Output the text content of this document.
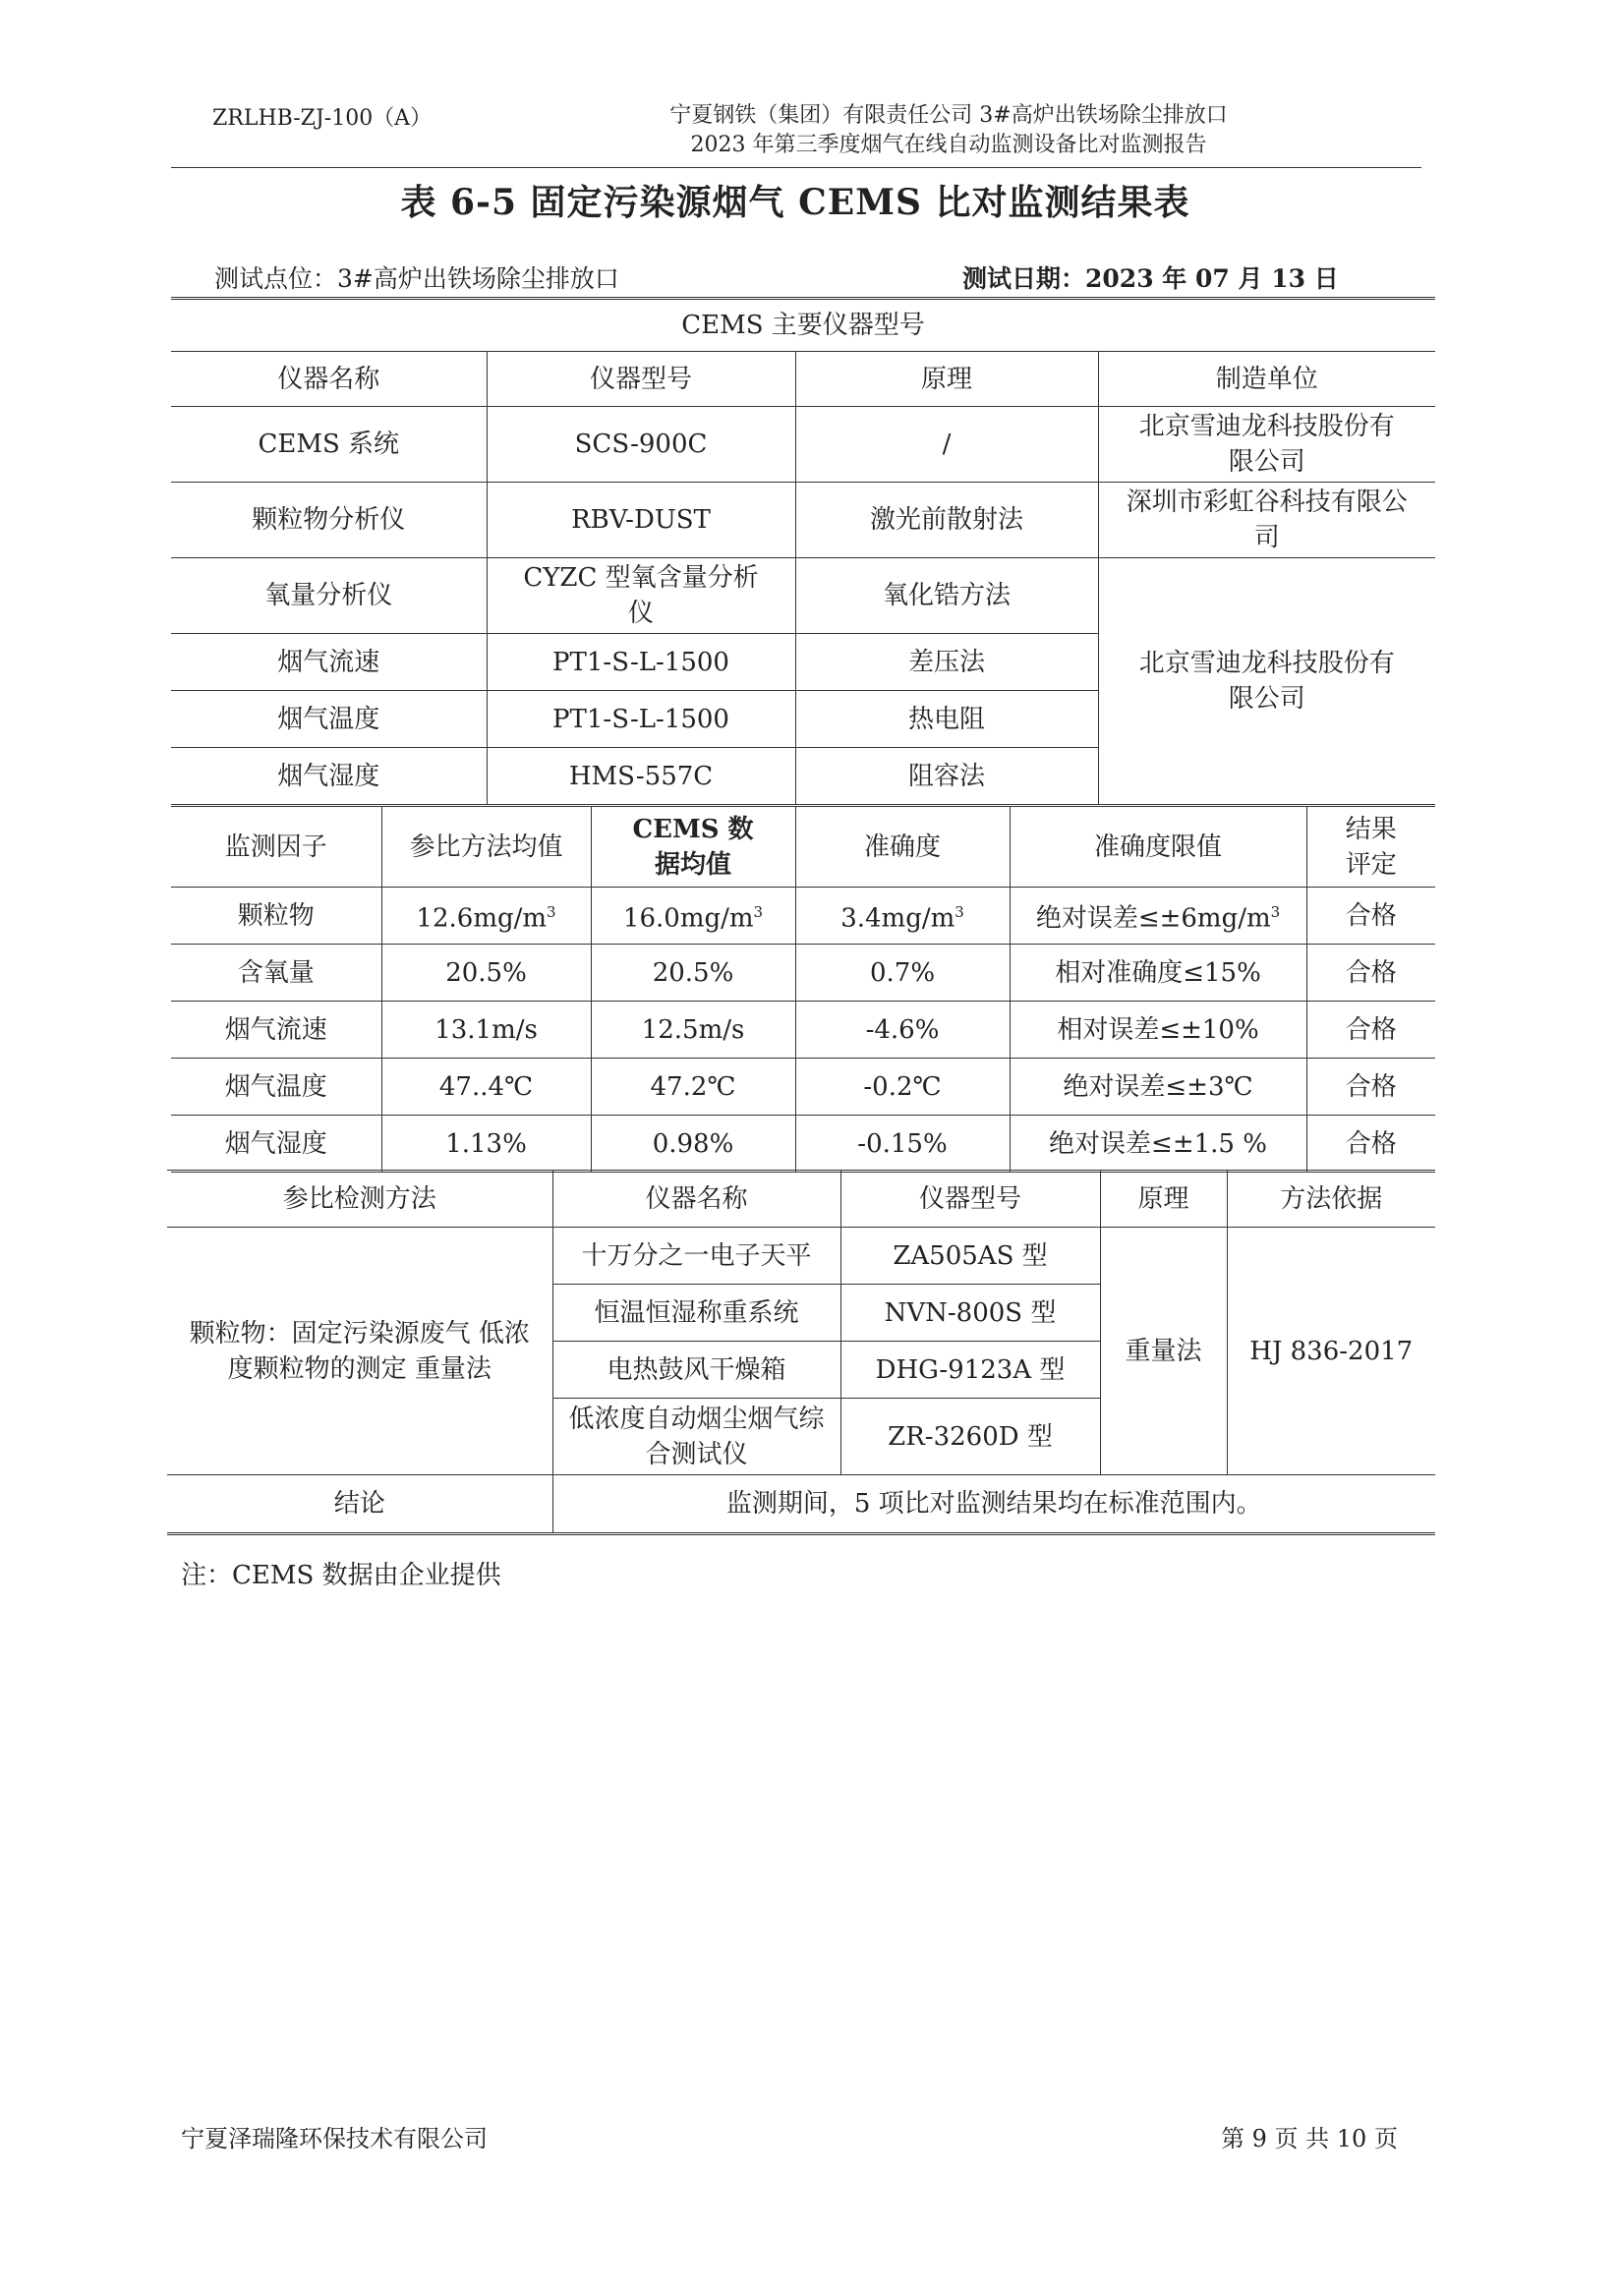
ZRLHB-ZJ-100（A）	宁夏钢铁（集团）有限责任公司 3#高炉出铁场除尘排放口
2023 年第三季度烟气在线自动监测设备比对监测报告
表 6-5 固定污染源烟气 CEMS 比对监测结果表
测试点位：3#高炉出铁场除尘排放口	测试日期：2023 年 07 月 13 日
CEMS 主要仪器型号			
仪器名称	仪器型号	原理	制造单位
CEMS 系统	SCS-900C	/	北京雪迪龙科技股份有限公司
颗粒物分析仪	RBV-DUST	激光前散射法	深圳市彩虹谷科技有限公司
氧量分析仪	CYZC 型氧含量分析仪	氧化锆方法	北京雪迪龙科技股份有限公司
烟气流速	PT1-S-L-1500	差压法	
烟气温度	PT1-S-L-1500	热电阻	
烟气湿度	HMS-557C	阻容法	
监测因子	参比方法均值	CEMS 数据均值	准确度	准确度限值	结果评定
颗粒物	$12.6mg/m^3$	$16.0mg/m^3$	$3.4mg/m^3$	绝对误差$\le\pm 6mg/m^3$	合格
含氧量	20.5%	20.5%	0.7%	相对准确度≤15%	合格
烟气流速	13.1m/s	12.5m/s	-4.6%	相对误差≤±10%	合格
烟气温度	47..4℃	47.2℃	-0.2℃	绝对误差≤±3℃	合格
烟气湿度	1.13%	0.98%	-0.15%	绝对误差≤±1.5 %	合格
参比检测方法	仪器名称	仪器型号	原理	方法依据
颗粒物：固定污染源废气 低浓度颗粒物的测定 重量法	十万分之一电子天平	ZA505AS 型	重量法	HJ 836-2017
	恒温恒湿称重系统	NVN-800S 型		
	电热鼓风干燥箱	DHG-9123A 型		
	低浓度自动烟尘烟气综合测试仪	ZR-3260D 型		
结论	监测期间，5 项比对监测结果均在标准范围内。			
注：CEMS 数据由企业提供
宁夏泽瑞隆环保技术有限公司	第 9 页 共 10 页
